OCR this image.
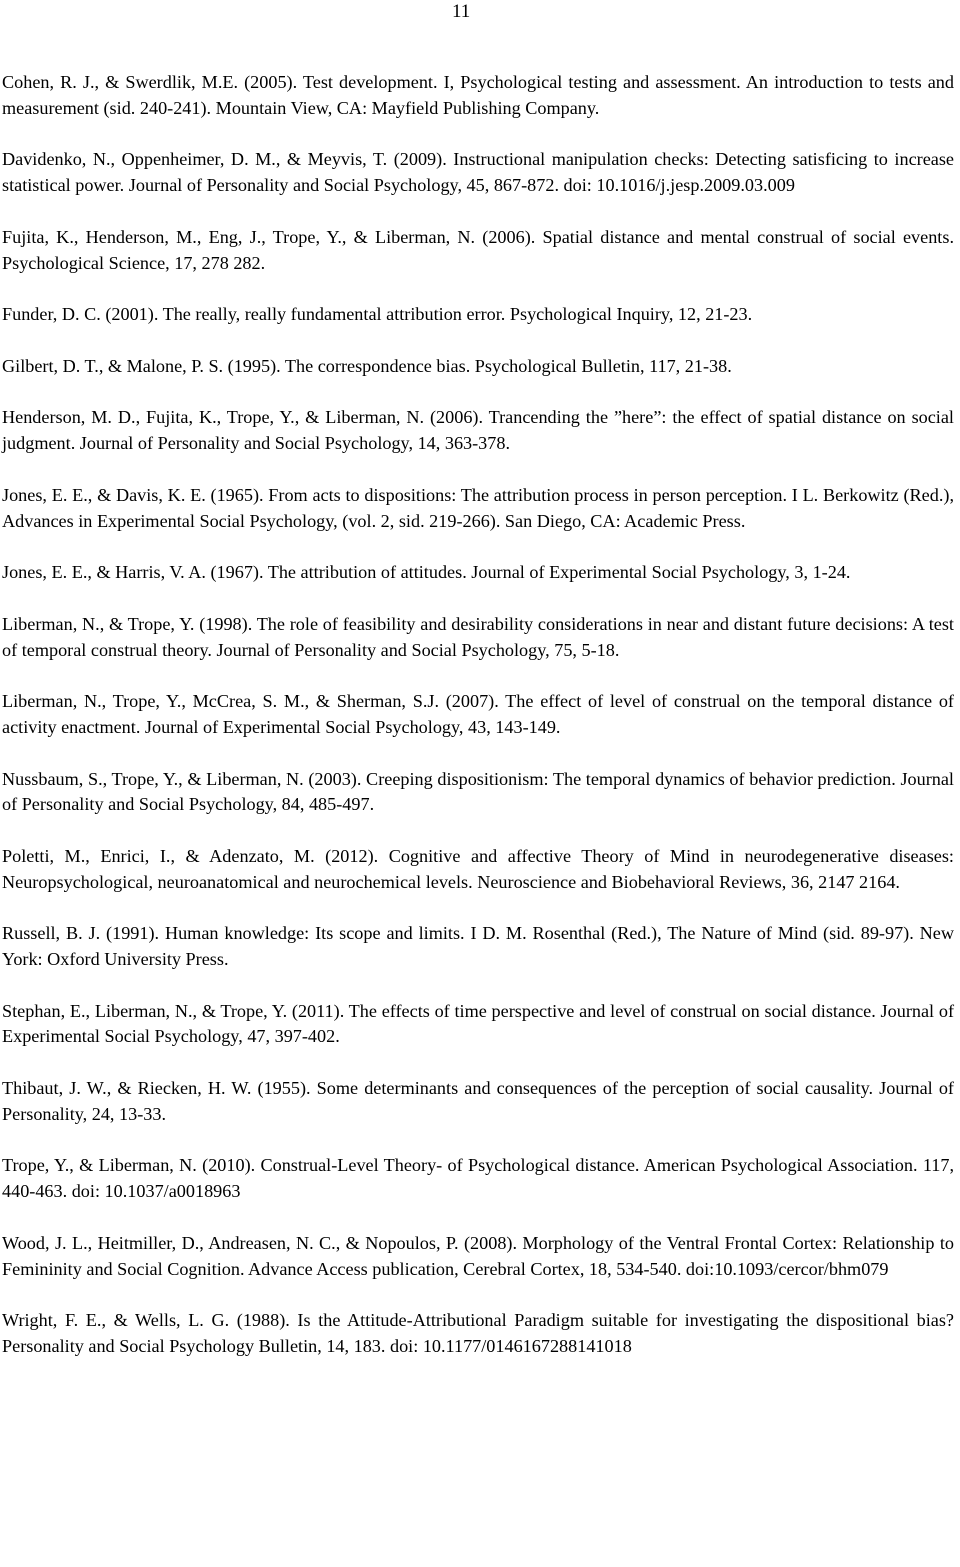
11

Cohen, R. J., & Swerdlik, M.E. (2005). Test development. I, Psychological testing and assessment. An introduction to tests and measurement (sid. 240-241). Mountain View, CA: Mayfield Publishing Company.

Davidenko, N., Oppenheimer, D. M., & Meyvis, T. (2009). Instructional manipulation checks: Detecting satisficing to increase statistical power. Journal of Personality and Social Psychology, 45, 867-872. doi: 10.1016/j.jesp.2009.03.009

Fujita, K., Henderson, M., Eng, J., Trope, Y., & Liberman, N. (2006). Spatial distance and mental construal of social events. Psychological Science, 17, 278 282.

Funder, D. C. (2001). The really, really fundamental attribution error. Psychological Inquiry, 12, 21-23.

Gilbert, D. T., & Malone, P. S. (1995). The correspondence bias. Psychological Bulletin, 117, 21-38.

Henderson, M. D., Fujita, K., Trope, Y., & Liberman, N. (2006). Trancending the ”here”: the effect of spatial distance on social judgment. Journal of Personality and Social Psychology, 14, 363-378.

Jones, E. E., & Davis, K. E. (1965). From acts to dispositions: The attribution process in person perception. I L. Berkowitz (Red.), Advances in Experimental Social Psychology, (vol. 2, sid. 219-266). San Diego, CA: Academic Press.

Jones, E. E., & Harris, V. A. (1967). The attribution of attitudes. Journal of Experimental Social Psychology, 3, 1-24.

Liberman, N., & Trope, Y. (1998). The role of feasibility and desirability considerations in near and distant future decisions: A test of temporal construal theory. Journal of Personality and Social Psychology, 75, 5-18.

Liberman, N., Trope, Y., McCrea, S. M., & Sherman, S.J. (2007). The effect of level of construal on the temporal distance of activity enactment. Journal of Experimental Social Psychology, 43, 143-149.

Nussbaum, S., Trope, Y., & Liberman, N. (2003). Creeping dispositionism: The temporal dynamics of behavior prediction. Journal of Personality and Social Psychology, 84, 485-497.

Poletti, M., Enrici, I., & Adenzato, M. (2012). Cognitive and affective Theory of Mind in neurodegenerative diseases: Neuropsychological, neuroanatomical and neurochemical levels. Neuroscience and Biobehavioral Reviews, 36, 2147 2164.

Russell, B. J. (1991). Human knowledge: Its scope and limits. I D. M. Rosenthal (Red.), The Nature of Mind (sid. 89-97). New York: Oxford University Press.

Stephan, E., Liberman, N., & Trope, Y. (2011). The effects of time perspective and level of construal on social distance. Journal of Experimental Social Psychology, 47, 397-402.

Thibaut, J. W., & Riecken, H. W. (1955). Some determinants and consequences of the perception of social causality. Journal of Personality, 24, 13-33.

Trope, Y., & Liberman, N. (2010). Construal-Level Theory- of Psychological distance. American Psychological Association. 117, 440-463. doi: 10.1037/a0018963

Wood, J. L., Heitmiller, D., Andreasen, N. C., & Nopoulos, P. (2008). Morphology of the Ventral Frontal Cortex: Relationship to Femininity and Social Cognition. Advance Access publication, Cerebral Cortex, 18, 534-540. doi:10.1093/cercor/bhm079

Wright, F. E., & Wells, L. G. (1988). Is the Attitude-Attributional Paradigm suitable for investigating the dispositional bias? Personality and Social Psychology Bulletin, 14, 183. doi: 10.1177/0146167288141018
